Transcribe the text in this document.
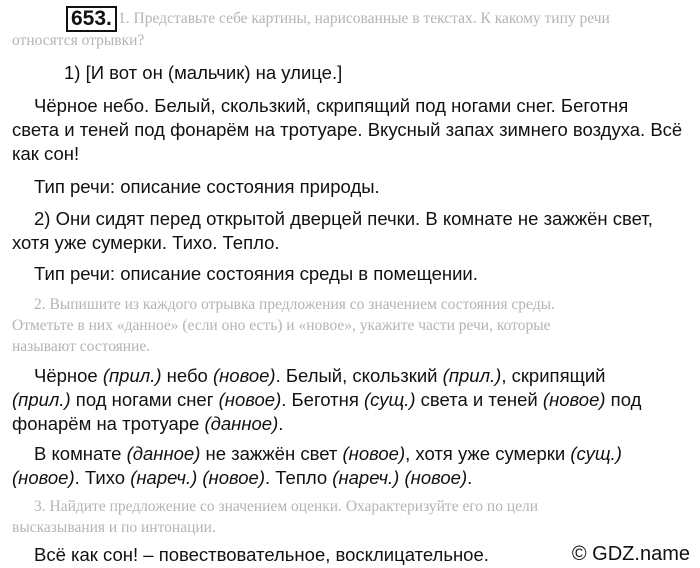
653. 1. Представьте себе картины, нарисованные в текстах. К какому типу речи
относятся отрывки?
1) [И вот он (мальчик) на улице.]
Чёрное небо. Белый, скользкий, скрипящий под ногами снег. Беготня
света и теней под фонарём на тротуаре. Вкусный запах зимнего воздуха. Всё
как сон!
Тип речи: описание состояния природы.
2) Они сидят перед открытой дверцей печки. В комнате не зажжён свет,
хотя уже сумерки. Тихо. Тепло.
Тип речи: описание состояния среды в помещении.
2. Выпишите из каждого отрывка предложения со значением состояния среды.
Отметьте в них «данное» (если оно есть) и «новое», укажите части речи, которые
называют состояние.
Чёрное (прил.) небо (новое). Белый, скользкий (прил.), скрипящий
(прил.) под ногами снег (новое). Беготня (сущ.) света и теней (новое) под
фонарём на тротуаре (данное).
В комнате (данное) не зажжён свет (новое), хотя уже сумерки (сущ.)
(новое). Тихо (нареч.) (новое). Тепло (нареч.) (новое).
3. Найдите предложение со значением оценки. Охарактеризуйте его по цели
высказывания и по интонации.
Всё как сон! – повествовательное, восклицательное.	© GDZ.name
